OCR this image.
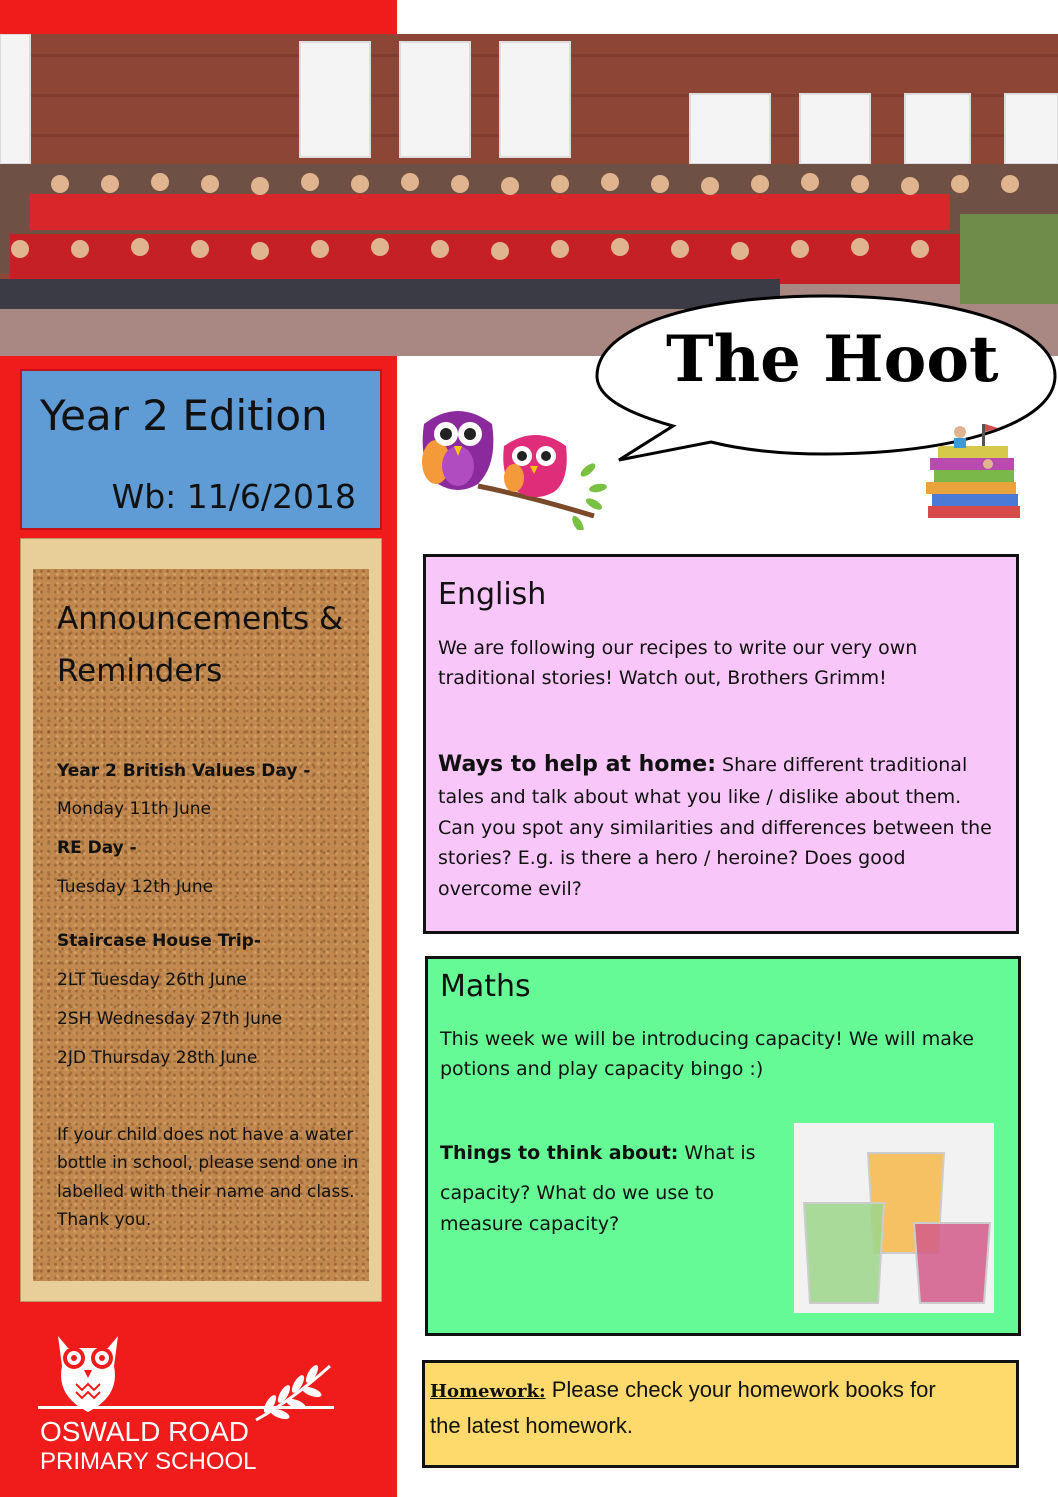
Year 2 Edition
Wb: 11/6/2018
Announcements &
Reminders
Year 2 British Values Day -
Monday 11th June
RE Day -
Tuesday 12th June
Staircase House Trip-
2LT Tuesday 26th June
2SH Wednesday 27th June
2JD Thursday 28th June
If your child does not have a water
bottle in school, please send one in
labelled with their name and class.
Thank you.
OSWALD ROAD
PRIMARY SCHOOL
The Hoot
English
We are following our recipes to write our very own
traditional stories! Watch out, Brothers Grimm!
Ways to help at home: Share different traditional
tales and talk about what you like / dislike about them.
Can you spot any similarities and differences between the
stories? E.g. is there a hero / heroine? Does good
overcome evil?
Maths
This week we will be introducing capacity! We will make
potions and play capacity bingo :)
Things to think about: What is
capacity? What do we use to
measure capacity?
Homework: Please check your homework books for
the latest homework.
